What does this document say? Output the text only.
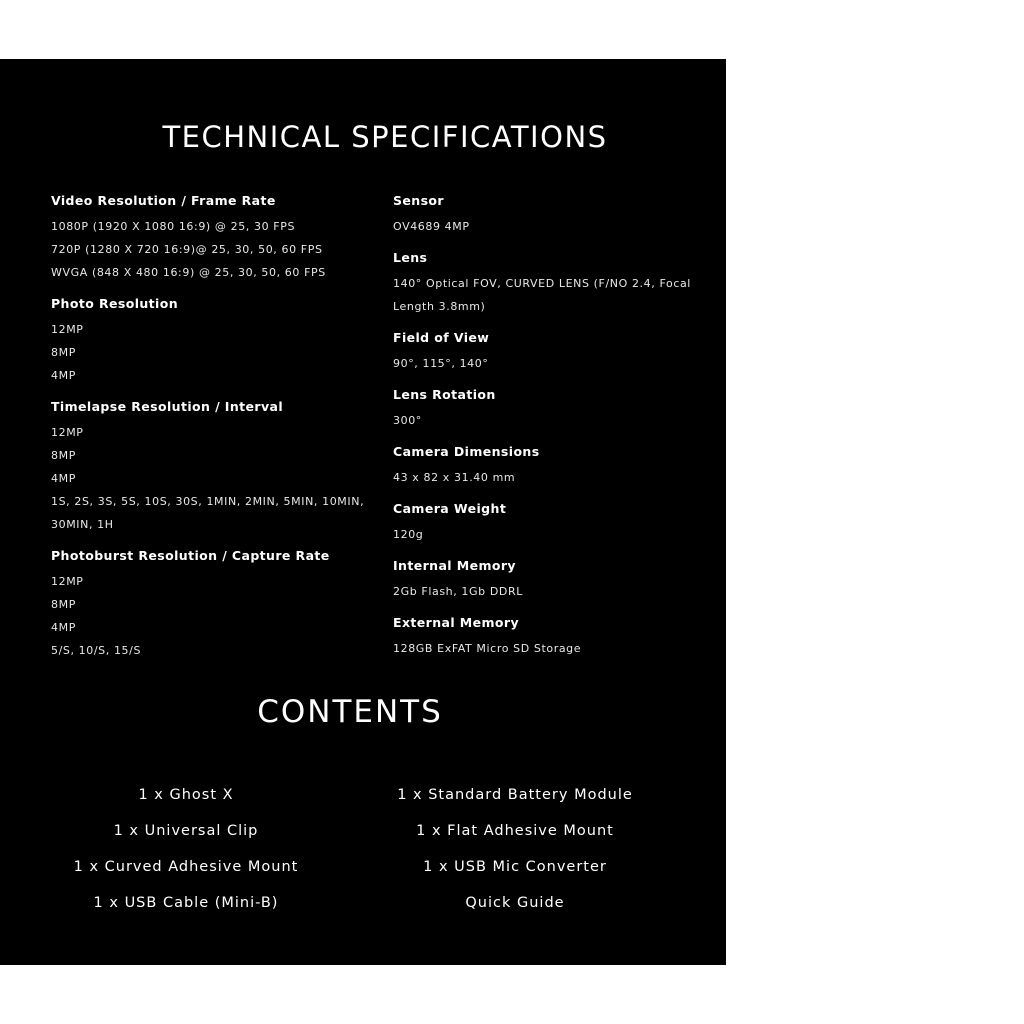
TECHNICAL SPECIFICATIONS
Video Resolution / Frame Rate
1080P (1920 X 1080 16:9) @ 25, 30 FPS
720P (1280 X 720 16:9)@ 25, 30, 50, 60 FPS
WVGA (848 X 480 16:9) @ 25, 30, 50, 60 FPS
Photo Resolution
12MP
8MP
4MP
Timelapse Resolution / Interval
12MP
8MP
4MP
1S, 2S, 3S, 5S, 10S, 30S, 1MIN, 2MIN, 5MIN, 10MIN,
30MIN, 1H
Photoburst Resolution / Capture Rate
12MP
8MP
4MP
5/S, 10/S, 15/S
Sensor
OV4689 4MP
Lens
140° Optical FOV, CURVED LENS (F/NO 2.4, Focal
Length 3.8mm)
Field of View
90°, 115°, 140°
Lens Rotation
300°
Camera Dimensions
43 x 82 x 31.40 mm
Camera Weight
120g
Internal Memory
2Gb Flash, 1Gb DDRL
External Memory
128GB ExFAT Micro SD Storage
CONTENTS
1 x Ghost X
1 x Universal Clip
1 x Curved Adhesive Mount
1 x USB Cable (Mini-B)
1 x Standard Battery Module
1 x Flat Adhesive Mount
1 x USB Mic Converter
Quick Guide
